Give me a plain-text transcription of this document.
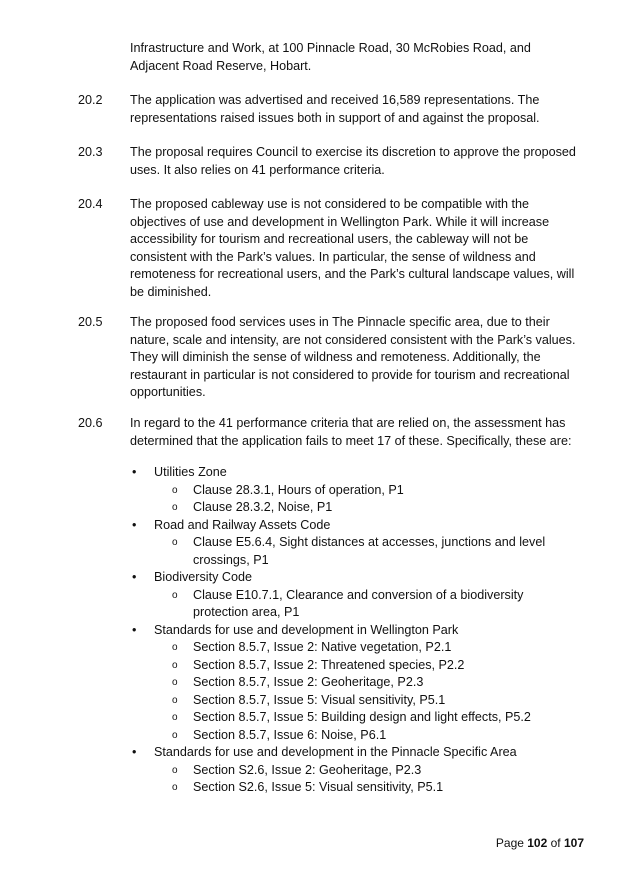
Infrastructure and Work, at 100 Pinnacle Road, 30 McRobies Road, and Adjacent Road Reserve, Hobart.
20.2	The application was advertised and received 16,589 representations. The representations raised issues both in support of and against the proposal.
20.3	The proposal requires Council to exercise its discretion to approve the proposed uses. It also relies on 41 performance criteria.
20.4	The proposed cableway use is not considered to be compatible with the objectives of use and development in Wellington Park. While it will increase accessibility for tourism and recreational users, the cableway will not be consistent with the Park’s values. In particular, the sense of wildness and remoteness for recreational users, and the Park’s cultural landscape values, will be diminished.
20.5	The proposed food services uses in The Pinnacle specific area, due to their nature, scale and intensity, are not considered consistent with the Park’s values. They will diminish the sense of wildness and remoteness. Additionally, the restaurant in particular is not considered to provide for tourism and recreational opportunities.
20.6	In regard to the 41 performance criteria that are relied on, the assessment has determined that the application fails to meet 17 of these. Specifically, these are:
• Utilities Zone
o Clause 28.3.1, Hours of operation, P1
o Clause 28.3.2, Noise, P1
• Road and Railway Assets Code
o Clause E5.6.4, Sight distances at accesses, junctions and level crossings, P1
• Biodiversity Code
o Clause E10.7.1, Clearance and conversion of a biodiversity protection area, P1
• Standards for use and development in Wellington Park
o Section 8.5.7, Issue 2: Native vegetation, P2.1
o Section 8.5.7, Issue 2: Threatened species, P2.2
o Section 8.5.7, Issue 2: Geoheritage, P2.3
o Section 8.5.7, Issue 5: Visual sensitivity, P5.1
o Section 8.5.7, Issue 5: Building design and light effects, P5.2
o Section 8.5.7, Issue 6: Noise, P6.1
• Standards for use and development in the Pinnacle Specific Area
o Section S2.6, Issue 2: Geoheritage, P2.3
o Section S2.6, Issue 5: Visual sensitivity, P5.1
Page 102 of 107
